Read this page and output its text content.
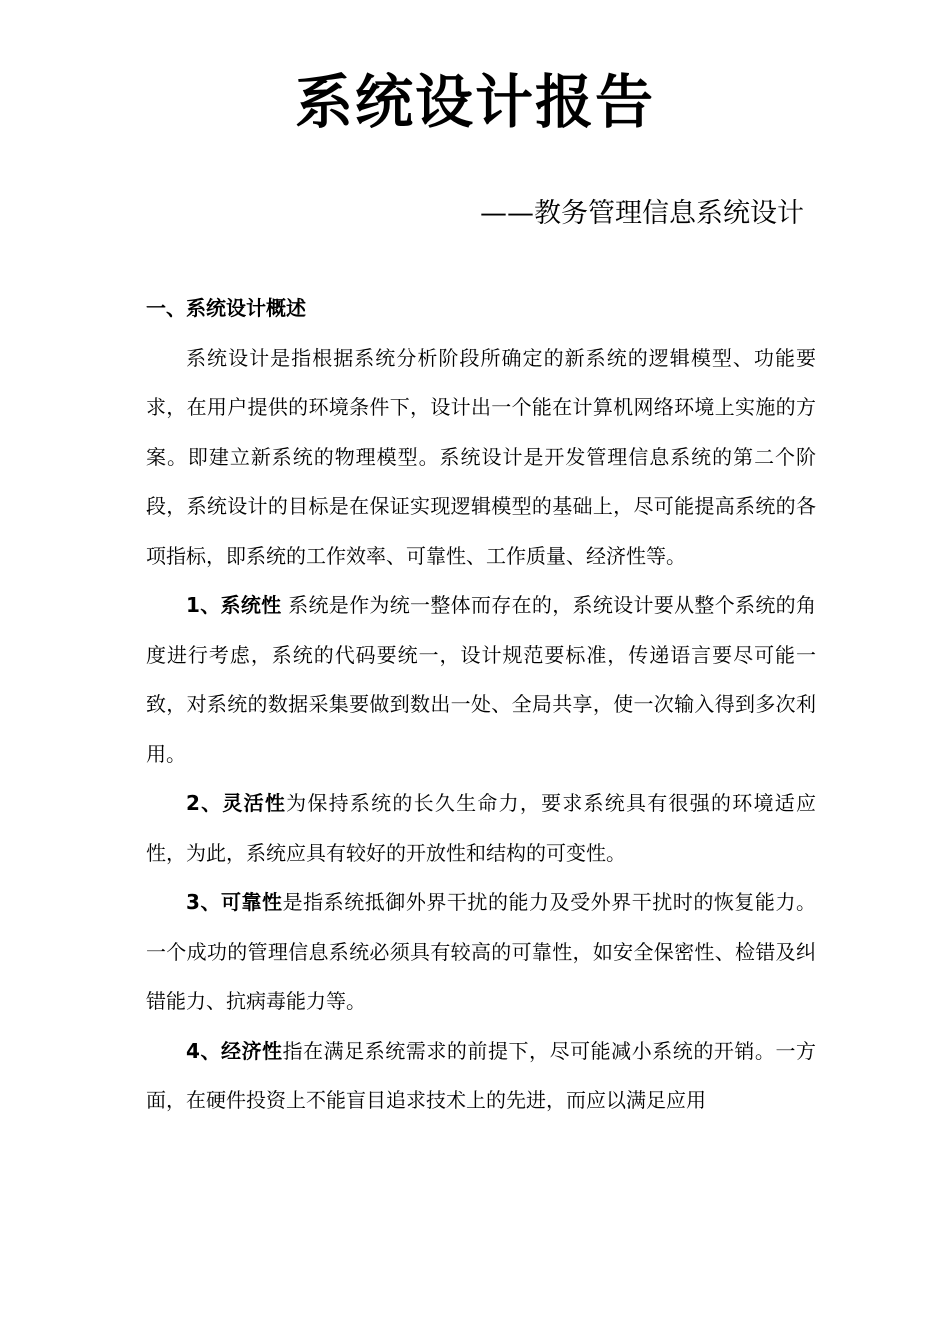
系统设计报告

——教务管理信息系统设计

一、系统设计概述

系统设计是指根据系统分析阶段所确定的新系统的逻辑模型、功能要求，在用户提供的环境条件下，设计出一个能在计算机网络环境上实施的方案。即建立新系统的物理模型。系统设计是开发管理信息系统的第二个阶段，系统设计的目标是在保证实现逻辑模型的基础上，尽可能提高系统的各项指标，即系统的工作效率、可靠性、工作质量、经济性等。

1、系统性 系统是作为统一整体而存在的，系统设计要从整个系统的角度进行考虑，系统的代码要统一，设计规范要标准，传递语言要尽可能一致，对系统的数据采集要做到数出一处、全局共享，使一次输入得到多次利用。

2、灵活性为保持系统的长久生命力，要求系统具有很强的环境适应性，为此，系统应具有较好的开放性和结构的可变性。

3、可靠性是指系统抵御外界干扰的能力及受外界干扰时的恢复能力。一个成功的管理信息系统必须具有较高的可靠性，如安全保密性、检错及纠错能力、抗病毒能力等。

4、经济性指在满足系统需求的前提下，尽可能减小系统的开销。一方面，在硬件投资上不能盲目追求技术上的先进，而应以满足应用
